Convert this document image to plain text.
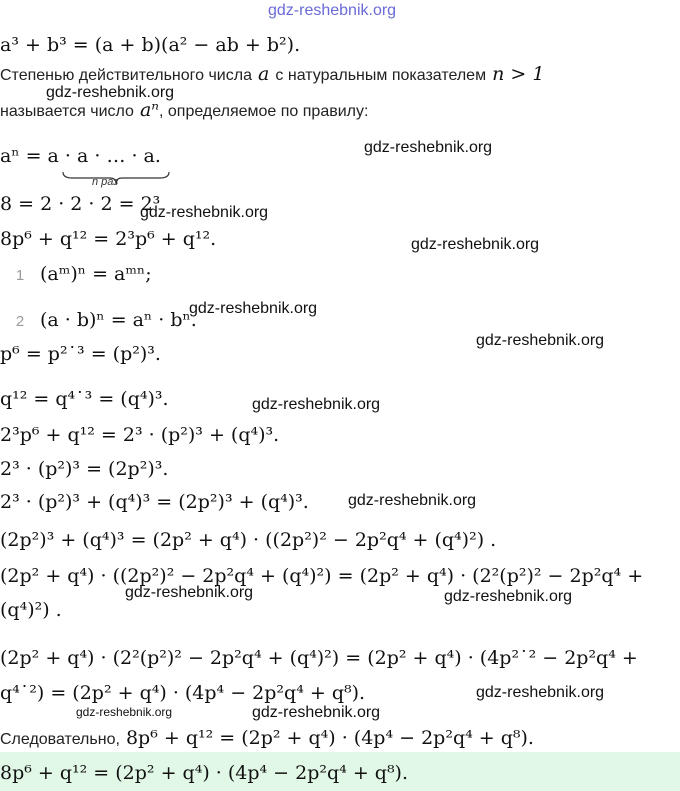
gdz-reshebnik.org
a³ + b³ = (a + b)(a² − ab + b²).
Степенью действительного числа a с натуральным показателем n > 1
называется число aⁿ, определяемое по правилу:
aⁿ = a · a · … · a.
n раз
8 = 2 · 2 · 2 = 2³
8p⁶ + q¹² = 2³p⁶ + q¹².
1 (aᵐ)ⁿ = aᵐⁿ;
2 (a · b)ⁿ = aⁿ · bⁿ.
p⁶ = p²˙³ = (p²)³.
q¹² = q⁴˙³ = (q⁴)³.
2³p⁶ + q¹² = 2³ · (p²)³ + (q⁴)³.
2³ · (p²)³ = (2p²)³.
2³ · (p²)³ + (q⁴)³ = (2p²)³ + (q⁴)³.
(2p²)³ + (q⁴)³ = (2p² + q⁴) · ((2p²)² − 2p²q⁴ + (q⁴)²) .
(2p² + q⁴) · ((2p²)² − 2p²q⁴ + (q⁴)²) = (2p² + q⁴) · (2²(p²)² − 2p²q⁴ +
(q⁴)²) .
(2p² + q⁴) · (2²(p²)² − 2p²q⁴ + (q⁴)²) = (2p² + q⁴) · (4p²˙² − 2p²q⁴ +
q⁴˙²) = (2p² + q⁴) · (4p⁴ − 2p²q⁴ + q⁸).
Следовательно, 8p⁶ + q¹² = (2p² + q⁴) · (4p⁴ − 2p²q⁴ + q⁸).
8p⁶ + q¹² = (2p² + q⁴) · (4p⁴ − 2p²q⁴ + q⁸).
gdz-reshebnik.org
gdz-reshebnik.org
gdz-reshebnik.org
gdz-reshebnik.org
gdz-reshebnik.org
gdz-reshebnik.org
gdz-reshebnik.org
gdz-reshebnik.org
gdz-reshebnik.org	gdz-reshebnik.org
gdz-reshebnik.org
gdz-reshebnik.org	gdz-reshebnik.org
